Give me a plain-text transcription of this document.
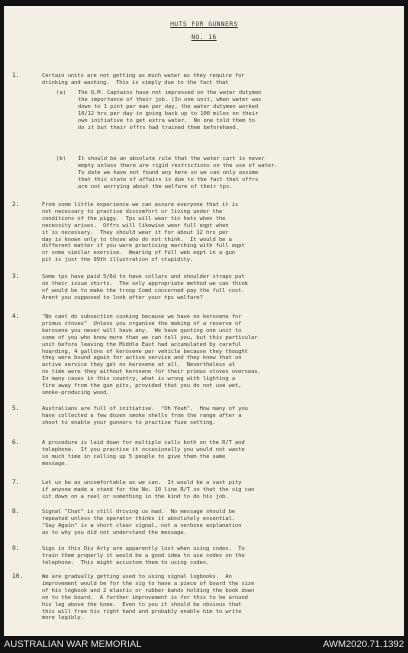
HUTS FOR GUNNERS
NO. 16
1.	Certain units are not getting as much water as they require for
drinking and washing.  This is simply due to the fact that
(a) The Q.M. Captains have not impressed on the water dutymen
the importance of their job. (In one unit, when water was
down to 1 pint per man per day, the water dutymen worked
10/12 hrs per day in going back up to 100 miles on their
own initiative to get extra water.  No one told them to
do it but their offrs had trained them beforehand.
(b) It should be an absolute rule that the water cart is never
empty unless there are rigid restrictions on the use of water.
To date we have not found any here so we can only assume
that this state of affairs is due to the fact that offrs
are not worrying about the welfare of their tps.
2.	From some little experience we can assure everyone that it is
not necessary to practise discomfort or living under the
conditions of the piggy.  Tps will wear tin hats when the
necessity arises.  Offrs will likewise wear full eqpt when
it is necessary.  They should wear it for about 12 hrs per
day is known only to those who do not think.  It would be a
different matter if you were practising marching with full eqpt
or some similar exercise.  Wearing of full web eqpt in a gun
pit is just the 99th illustration of stupidity.
3.	Some tps have paid 5/6d to have collars and shoulder straps put
on their issue shirts.  The only appropriate method we can think
of would be to make the troop Comd concerned pay the full cost.
Arent you supposed to look after your tps welfare?
4.	"No cant do subsection cooking because we have no kerosene for
primus stoves"  Unless you organise the making of a reserve of
kerosene you never will have any.  We have quoting one unit to
some of you who know more than we can tell you, but this particular
unit before leaving the Middle East had accumulated by careful
hoarding, 4 gallons of kerosene per vehicle because they thought
they were bound again for active service and they knew that on
active service they get no kerosene at all.  Nevertheless at
no time were they without kerosene for their primus stoves overseas.
In many cases in this country, what is wrong with lighting a
fire away from the gun pits, provided that you do not use wet,
smoke-producing wood.
5.	Australians are full of initiative.  "Oh Yeah".  How many of you
have collected a few dozen smoke shells from the range after a
shoot to enable your gunners to practise fuze setting.
6.	A procedure is laid down for multiple calls both on the R/T and
telephone.  If you practise it occasionally you would not waste
so much time in calling up 5 people to give them the same
message.
7.	Let us be as uncomfortable as we can.  It would be a vast pity
if anyone made a stand for the No. 10 line R/T so that the sig can
sit down on a reel or something in the kind to do his job.
8.	Signal "Chat" is still driving us mad.  No message should be
repeated unless the operator thinks it absolutely essential.
"Say Again" is a short clear signal, not a verbose explanation
as to why you did not understand the message.
9.	Sigs in this Div Arty are apparently lost when using codes.  To
train them properly it would be a good idea to use codes on the
telephone.  This might accustom them to using codes.
10.	We are gradually getting used to using signal logbooks.  An
improvement would be for the sig to have a piece of board the size
of his logbook and 2 elastic or rubber bands holding the book down
on to the board.  A further improvement is for this to be around
his leg above the knee.  Even to you it should be obvious that
this will free his right hand and probably enable him to write
more legibly.
AUSTRALIAN WAR MEMORIAL	AWM2020.71.1392
